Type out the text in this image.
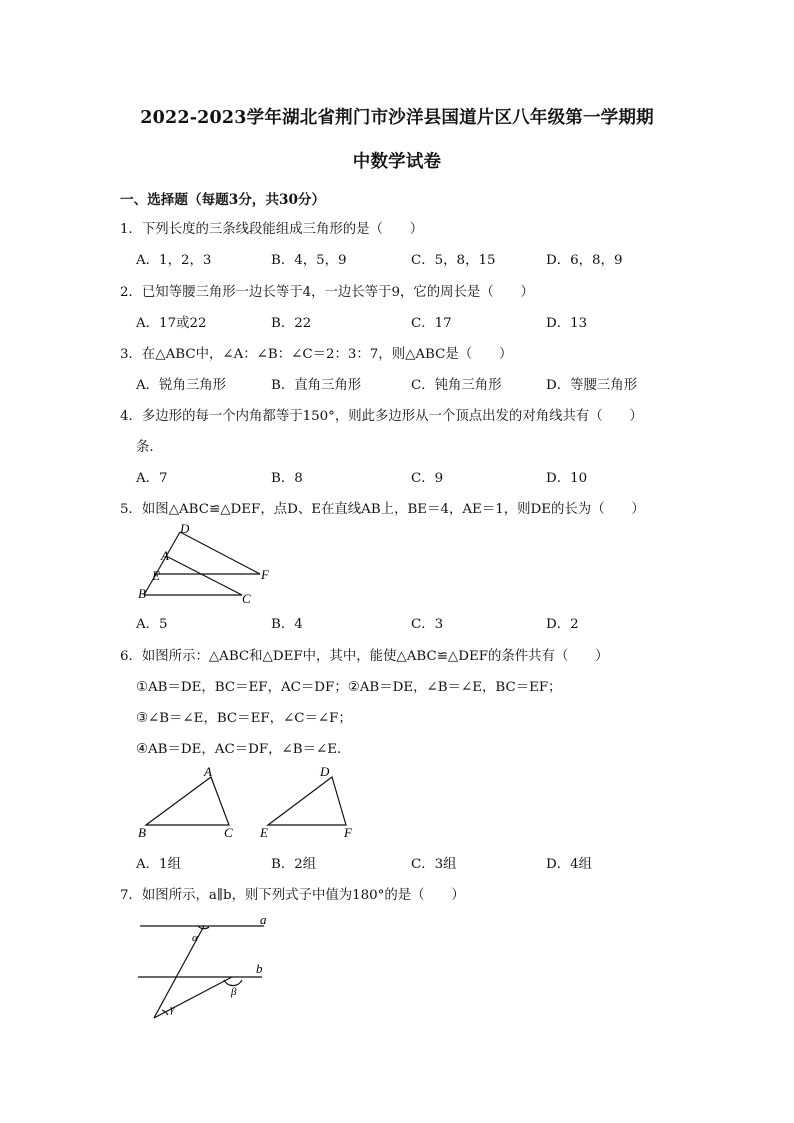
2022-2023学年湖北省荆门市沙洋县国道片区八年级第一学期期
中数学试卷
一、选择题（每题3分，共30分）
1．下列长度的三条线段能组成三角形的是（　　）
A．1，2，3	B．4，5，9	C．5，8，15	D．6，8，9
2．已知等腰三角形一边长等于4，一边长等于9，它的周长是（　　）
A．17或22	B．22	C．17	D．13
3．在△ABC中，∠A：∠B：∠C＝2：3：7，则△ABC是（　　）
A．锐角三角形	B．直角三角形	C．钝角三角形	D．等腰三角形
4．多边形的每一个内角都等于150°，则此多边形从一个顶点出发的对角线共有（　　）
条．
A．7	B．8	C．9	D．10
5．如图△ABC≌△DEF，点D、E在直线AB上，BE＝4，AE＝1，则DE的长为（　　）
D
A
E	F
B	C
A．5	B．4	C．3	D．2
6．如图所示：△ABC和△DEF中，其中，能使△ABC≌△DEF的条件共有（　　）
①AB＝DE，BC＝EF，AC＝DF；②AB＝DE，∠B＝∠E，BC＝EF；
③∠B＝∠E，BC＝EF，∠C＝∠F；
④AB＝DE，AC＝DF，∠B＝∠E．
A
B	C
D
E	F
A．1组	B．2组	C．3组	D．4组
7．如图所示，a∥b，则下列式子中值为180°的是（　　）
a
b
α
β
γ
